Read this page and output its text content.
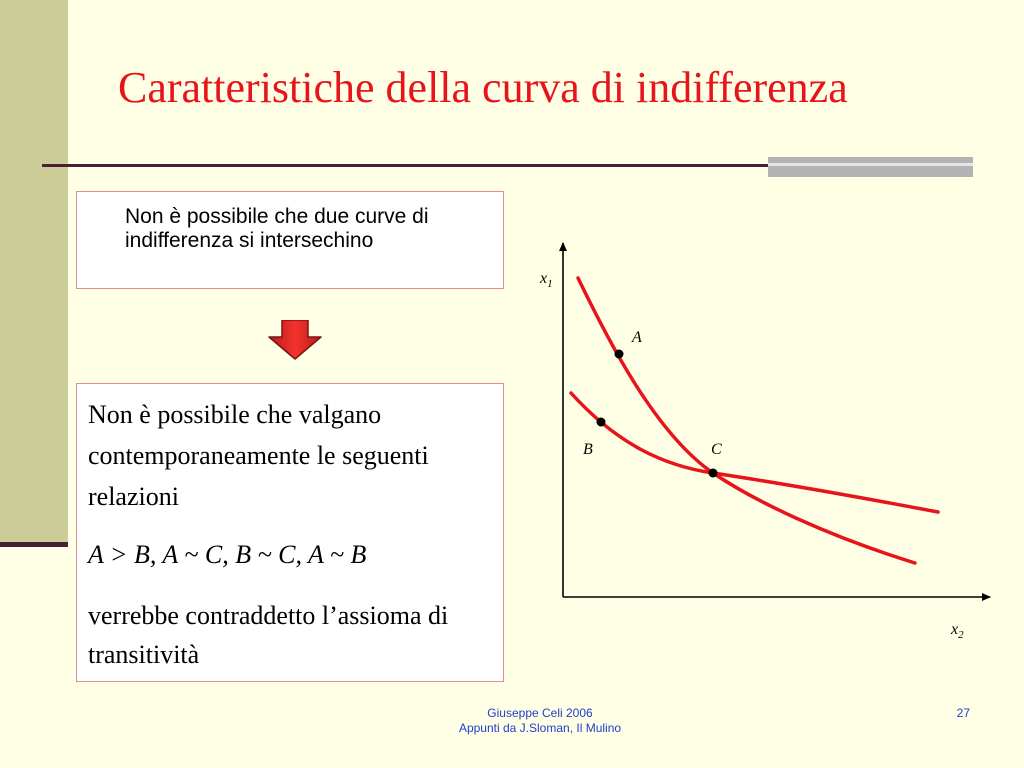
Caratteristiche della curva di indifferenza
Non è possibile che due curve di indifferenza si intersechino
Non è possibile che valgano contemporaneamente le seguenti relazioni
A > B, A ~ C, B ~ C, A ~ B
verrebbe contraddetto l’assioma di transitività
$x_1$
$x_2$
A
B	C
Giuseppe Celi 2006
Appunti da J.Sloman, Il Mulino
27
